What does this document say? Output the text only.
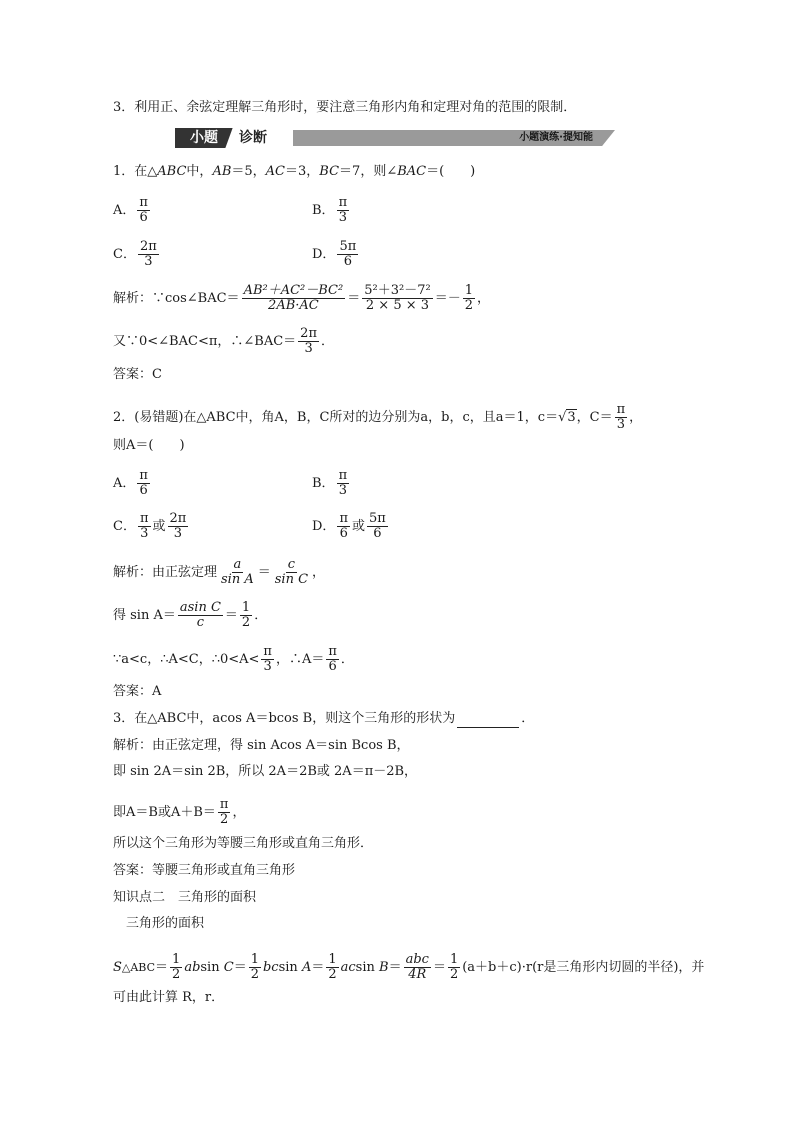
3．利用正、余弦定理解三角形时，要注意三角形内角和定理对角的范围的限制．
小题	诊断	小题演练·提知能
1．在△ABC中，AB＝5，AC＝3，BC＝7，则∠BAC＝(　　)
A． $\frac{\pi}{6}$	B． $\frac{\pi}{3}$
C． $\frac{2\pi}{3}$	D． $\frac{5\pi}{6}$
解析：∵cos∠BAC＝ $\frac{\text{AB²＋AC²－BC²}}{2AB\cdot AC} = \frac{\text{5²＋3²－7²}}{2 \times 5 \times 3} =- \frac{1}{2}$ ，
又∵0<∠BAC<π，∴∠BAC＝ $\frac{2\pi}{3}$ ．
答案：C
2．(易错题)在△ABC中，角A，B，C所对的边分别为a，b，c，且a＝1，c＝√3，$C= \frac{\pi}{3}$ ，
则A＝(　　)
A． $\frac{\pi}{6}$	B． $\frac{\pi}{3}$
C． $\frac{\pi}{3}$ 或 $\frac{2\pi}{3}$	D． $\frac{\pi}{6}$ 或 $\frac{5\pi}{6}$
解析：由正弦定理 $\frac{a}{\text{sin A}} = \frac{c}{\text{sin C}}$ ，
得 $\sin A= \frac{\text{asin C}}{c} = \frac{1}{2}$ ．
∵a<c，∴A<C，∴0<A< $\frac{\pi}{3}$ ，∴A＝ $\frac{\pi}{6}$ ．
答案：A
3．在△ABC中，acos A＝bcos B，则这个三角形的形状为	．
解析：由正弦定理，得 sin Acos A＝sin Bcos B，
即 sin 2A＝sin 2B，所以 2A＝2B或 2A＝π－2B，
即A＝B或$A+B= \frac{\pi}{2}$ ，
所以这个三角形为等腰三角形或直角三角形．
答案：等腰三角形或直角三角形
知识点二　三角形的面积
三角形的面积
S△ABC＝ $\frac{1}{2}$ absin $C= \frac{1}{2}$ bcsin $A= \frac{1}{2}$ acsin B＝
abc
$4R = \frac{1}{2} (a+b+c)\cdot r(r$是三角形内切圆的半径)，并
可由此计算 R，r．
